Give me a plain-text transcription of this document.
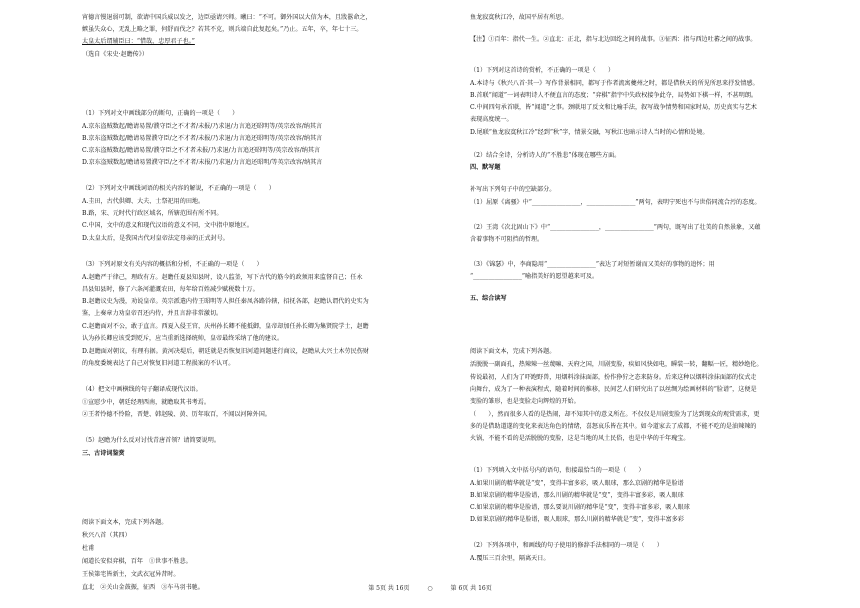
宵德言慢退弱可制，欲请中国兵威以发之，边臣亟请兴师。曦曰：“不可。御外国以大信为本，且戕嚣命之，
嫉虽失众心，无乱上略之罪，何舒而伐之？若其不克，则兵端自此复起矣。”乃止。五年，卒，年七十三。
太皇太后谓辅臣曰：“惜哉，忠厚君子也。”
（选自《宋史·赵瞻传》）
（1）下列对文中画线部分的断句，正确的一项是（　　）
A.京东盗贼数起/瞻请易置/濮守臣之不才者/未报/乃求退/力言追还昭明等/英宗改容/纳其言
B.京东盗贼数起/瞻请易置濮守臣/之不才者/未报/乃求退/力言追还昭明等/英宗改容/纳其言
C.京东盗贼数起/瞻请易置/濮守臣之不才者未报/乃求退/力言追还昭明等/英宗改容/纳其言
D.京东盗贼数起/瞻请易置濮守臣/之不才者/未报/乃求退/力言追还昭明/等英宗改容/纳其言
（2）下列对文中画线词语的相关内容的解说，不正确的一项是（　　）
A.圭田，古代供卿、大夫、士祭祀用的田地。
B.路，宋、元时代行政区域名，所辖范围有所不同。
C.中国，文中的意义和现代汉语的意义不同，文中指中原地区。
D.太皇太后，是我国古代对皇帝法定母亲的正式封号。
（3）下列对原文有关内容的概括和分析，不正确的一项是（　　）
A.赵瞻严于律己，理政有方。赵瞻任夏县知县时，设八监釜，写下古代的筋今的政须用来监督自己；任永
昌县知县时，修了六条河灌溉农田，每年给百姓减少赋税数十万。
B.赵瞻议史为漫，劝说皇帝。英宗派遣内侍王昭明等人担任秦凤各路钤辖，招抚各部，赵瞻认谓代的史实为
鉴，上奏章力劝皇帝召还内侍，并且言辞非常激切。
C.赵瞻面对不公，敢于直言。西夏入侵王官，庆州孙长卿不能抵御，皇帝却加任孙长卿为集贤院学士，赵瞻
认为孙长卿应该受到贬斥，应当重新选择统帅，皇帝最终采纳了他的建议。
D.赵瞻面对朝议，有理有据。黄河决堤后，朝廷就是否恢复旧河道问题进行商议，赵瞻从大兴土木劳民伤财
的角度委婉表达了自己对恢复旧河道工程损案的不认可。
（4）把文中画横线的句子翻译成现代汉语。
①宣慰少中，朝廷经理西南，就瞻取其书考焉。
②王者怜德不怜险，晋楚、韩赵陵、黄、历年取百，不闻以河障外国。
（5）赵瞻为什么反对讨伐青唐首领？请简要说明。
三、古诗词鉴赏
阅读下面文本，完成下列各题。
秋兴八首（其四）
杜甫
闻道长安似弈棋，百年　①世事不胜悲。
王侯第宅皆新主，文武衣冠异昔时。
直北　②关山金鼓振，征西　③车马羽书驰。
鱼龙寂寞秋江冷，故国平居有所思。
【注】①百年：指代一生。②直北：正北，指与北边回纥之间的战事。③征西：指与西边吐蕃之间的战事。
（1）下列对这首诗的赏析，不正确的一项是（　　）
A.本诗与《秋兴八首·其一》写作背景相同，都写于作者流寓夔州之时，都是借秋天的所见所思来抒发情感。
B.首联“闻道”一词表明诗人不便直言的态度；“弈棋”指宇中失政权接争此夺，局势如下棋一样，不甚明朗。
C.中间四句承首联，皆“闻道”之事。颈联用了反文和比喻手法，叙写战争情势和国家时局，历史真实与艺术
表现高度统一。
D.尾联“鱼龙寂寞秋江冷”经到“秋”字，情景交融，写秋江也暗示诗人当时的心情和处境。
（2）结合全诗，分析诗人的“不胜悲”体现在哪些方面。
四、默写题
补写出下列句子中的空缺部分。
（1）屈原《离骚》中“________________，________________”两句，表明宁死也不与世俗同流合污的态度。
（2）王湾《次北固山下》中“________________，________________”两句，既写出了壮美的自然景象，又蕴
含着事物不可阻挡的哲理。
（3）《锦瑟》中，李商隐用“________________”表达了对短暂谢而又美好的事物的追怀；用
“________________”喻指美好的愿望越来可及。
五、综合读写
阅读下面文本，完成下列各题。
活脱脱一副面孔，热辣辣一丝蔑嘛、天府之国，川剧变脸，疾如风快如电，瞬装一转，翻幅一匠，精妙绝伦。
传说最初，人们为了吓跑野兽，用烟料涂抹面部，扮作狰狞之态来防身。后来这种以烟料涂抹面部的仪式走
向舞台，成为了一种表演程式，随着时间的推移，民间艺人们研究出了以丝绸为绘画材料的“脸谱”，这便是
变脸的雏形，也是变脸走向辉煌的开始。
（　　），然而很多人看的是热闹，却不知其中的意义所在。不仅仅是川剧变脸为了达到现众的观赏需求，更
多的是借助道遂的变化来表达角色的情绪，喜怒哀乐皆在其中。如今道家去了成都，不能不吃的是油辣辣的
火锅，不能不看的是活脱脱的变脸，这是当地的风土民俗，也是中华的千年瑰宝。
（1）下列填入文中括号内的语句，衔接最恰当的一项是（　　）
A.如果川剧的精华就是“变”，变得丰富多彩，吸人眼球，那么京剧的精华是脸谱
B.如果京剧的精华是脸谱，那么川剧的精华就是“变”，变得丰富多彩，吸人眼球
C.如果京剧的精华是脸谱，那么要说川剧的精华是“变”，变得丰富多彩，吸人眼球
D.如果京剧的精华是脸谱，吸人眼球，那么川剧的精华就是“变”，变得丰富多彩
（2）下列各项中，和画线的句子使用的修辞手法相同的一项是（　　）
A.覆压三百余里，隔离天日。
第 5页 共 16页	○	第 6页 共 16页
